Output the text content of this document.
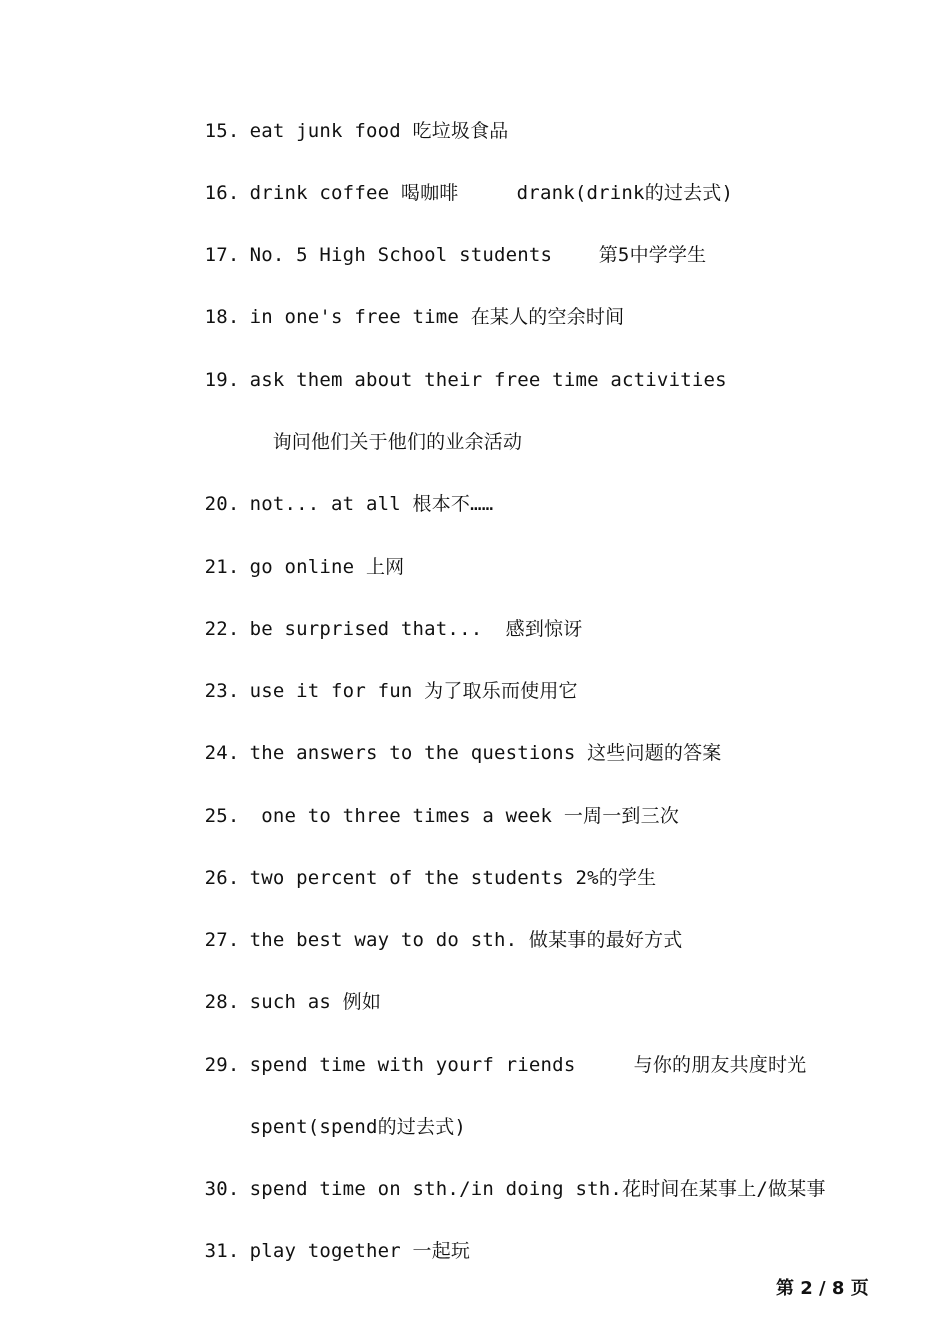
15. eat junk food 吃垃圾食品

16. drink coffee 喝咖啡     drank(drink的过去式)

17. No. 5 High School students    第5中学学生

18. in one's free time 在某人的空余时间

19. ask them about their free time activities

询问他们关于他们的业余活动

20. not... at all 根本不……

21. go online 上网

22. be surprised that...  感到惊讶

23. use it for fun 为了取乐而使用它

24. the answers to the questions 这些问题的答案

25. one to three times a week 一周一到三次

26. two percent of the students 2%的学生

27. the best way to do sth. 做某事的最好方式

28. such as 例如

29. spend time with yourf riends     与你的朋友共度时光

spent(spend的过去式)

30. spend time on sth./in doing sth.花时间在某事上/做某事

31. play together 一起玩

第 2 / 8 页
